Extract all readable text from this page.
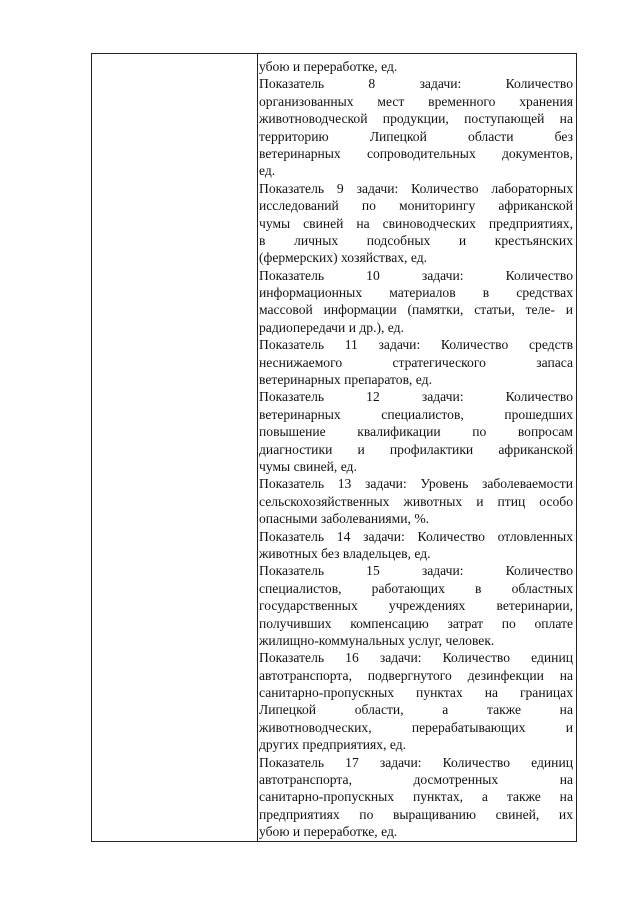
убою и переработке, ед.
Показатель 8 задачи: Количество
организованных мест временного хранения
животноводческой продукции, поступающей на
территорию Липецкой области без
ветеринарных сопроводительных документов,
ед.
Показатель 9 задачи: Количество лабораторных
исследований по мониторингу африканской
чумы свиней на свиноводческих предприятиях,
в личных подсобных и крестьянских
(фермерских) хозяйствах, ед.
Показатель 10 задачи: Количество
информационных материалов в средствах
массовой информации (памятки, статьи, теле- и
радиопередачи и др.), ед.
Показатель 11 задачи: Количество средств
неснижаемого стратегического запаса
ветеринарных препаратов, ед.
Показатель 12 задачи: Количество
ветеринарных специалистов, прошедших
повышение квалификации по вопросам
диагностики и профилактики африканской
чумы свиней, ед.
Показатель 13 задачи: Уровень заболеваемости
сельскохозяйственных животных и птиц особо
опасными заболеваниями, %.
Показатель 14 задачи: Количество отловленных
животных без владельцев, ед.
Показатель 15 задачи: Количество
специалистов, работающих в областных
государственных учреждениях ветеринарии,
получивших компенсацию затрат по оплате
жилищно-коммунальных услуг, человек.
Показатель 16 задачи: Количество единиц
автотранспорта, подвергнутого дезинфекции на
санитарно-пропускных пунктах на границах
Липецкой области, а также на
животноводческих, перерабатывающих и
других предприятиях, ед.
Показатель 17 задачи: Количество единиц
автотранспорта, досмотренных на
санитарно-пропускных пунктах, а также на
предприятиях по выращиванию свиней, их
убою и переработке, ед.
